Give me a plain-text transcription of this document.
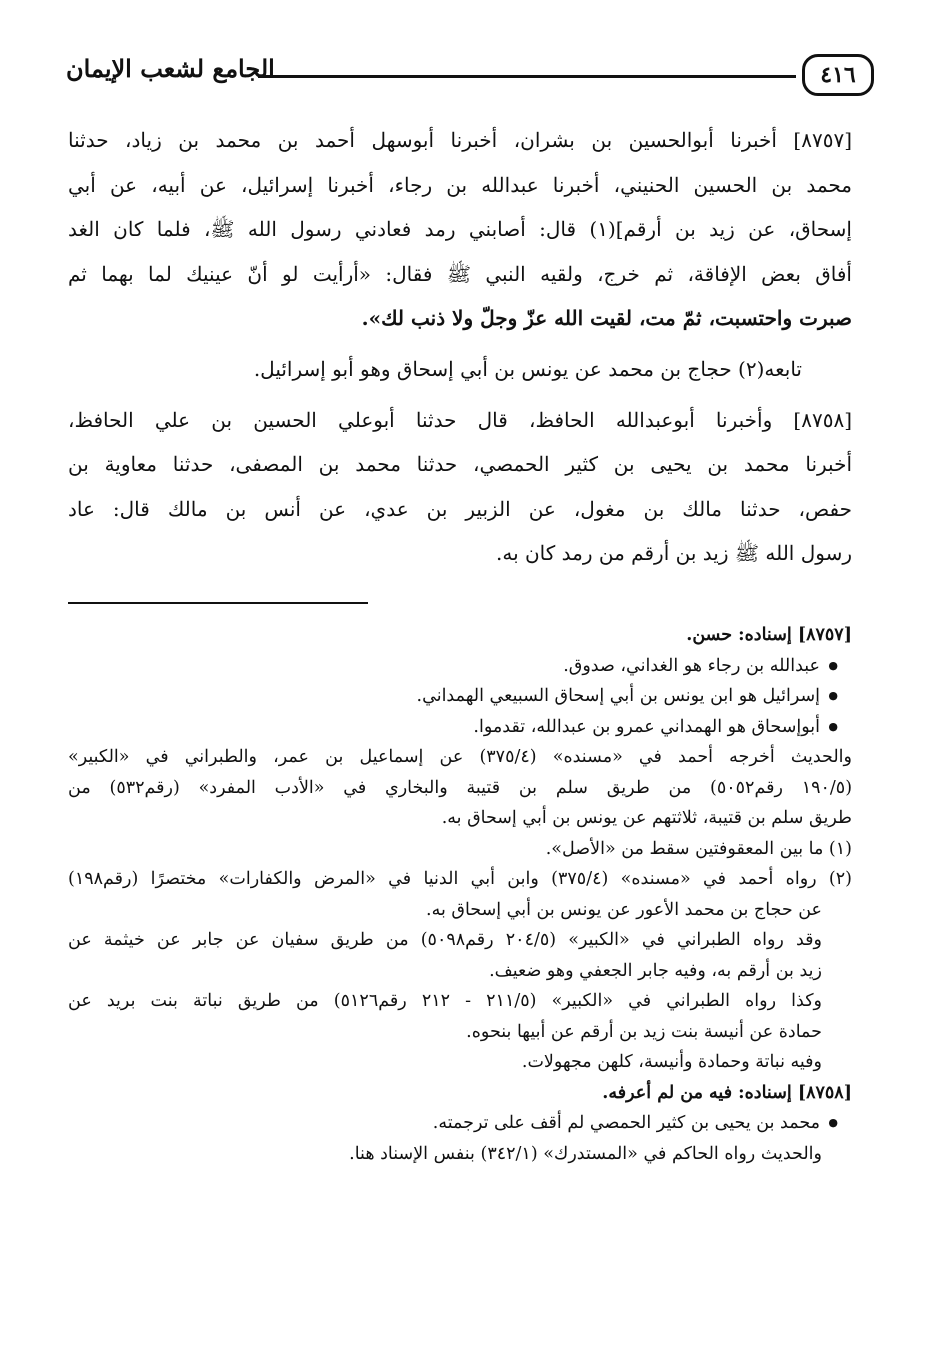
٤١٦
الجامع لشعب الإيمان
[٨٧٥٧] أخبرنا أبوالحسين بن بشران، أخبرنا أبوسهل أحمد بن محمد بن زياد، حدثنا
محمد بن الحسين الحنيني، أخبرنا عبدالله بن رجاء، أخبرنا إسرائيل، عن أبيه، عن أبي
إسحاق، عن زيد بن أرقم](١) قال: أصابني رمد فعادني رسول الله ﷺ، فلما كان الغد
أفاق بعض الإفاقة، ثم خرج، ولقيه النبي ﷺ فقال: «أرأيت لو أنّ عينيك لما بهما ثم
صبرت واحتسبت، ثمّ مت، لقيت الله عزّ وجلّ ولا ذنب لك».
تابعه(٢) حجاج بن محمد عن يونس بن أبي إسحاق وهو أبو إسرائيل.
[٨٧٥٨] وأخبرنا أبوعبدالله الحافظ، قال حدثنا أبوعلي الحسين بن علي الحافظ،
أخبرنا محمد بن يحيى بن كثير الحمصي، حدثنا محمد بن المصفى، حدثنا معاوية بن
حفص، حدثنا مالك بن مغول، عن الزبير بن عدي، عن أنس بن مالك قال: عاد
رسول الله ﷺ زيد بن أرقم من رمد كان به.
[٨٧٥٧] إسناده: حسن.
● عبدالله بن رجاء هو الغداني، صدوق.
● إسرائيل هو ابن يونس بن أبي إسحاق السبيعي الهمداني.
● أبوإسحاق هو الهمداني عمرو بن عبدالله، تقدموا.
والحديث أخرجه أحمد في «مسنده» (٣٧٥/٤) عن إسماعيل بن عمر، والطبراني في «الكبير»
(١٩٠/٥ رقم٥٠٥٢) من طريق سلم بن قتيبة والبخاري في «الأدب المفرد» (رقم٥٣٢) من
طريق سلم بن قتيبة، ثلاثتهم عن يونس بن أبي إسحاق به.
(١) ما بين المعقوفتين سقط من «الأصل».
(٢) رواه أحمد في «مسنده» (٣٧٥/٤) وابن أبي الدنيا في «المرض والكفارات» مختصرًا (رقم١٩٨)
عن حجاج بن محمد الأعور عن يونس بن أبي إسحاق به.
وقد رواه الطبراني في «الكبير» (٢٠٤/٥ رقم٥٠٩٨) من طريق سفيان عن جابر عن خيثمة عن
زيد بن أرقم به، وفيه جابر الجعفي وهو ضعيف.
وكذا رواه الطبراني في «الكبير» (٢١١/٥ - ٢١٢ رقم٥١٢٦) من طريق نباتة بنت بريد عن
حمادة عن أنيسة بنت زيد بن أرقم عن أبيها بنحوه.
وفيه نباتة وحمادة وأنيسة، كلهن مجهولات.
[٨٧٥٨] إسناده: فيه من لم أعرفه.
● محمد بن يحيى بن كثير الحمصي لم أقف على ترجمته.
والحديث رواه الحاكم في «المستدرك» (٣٤٢/١) بنفس الإسناد هنا.
